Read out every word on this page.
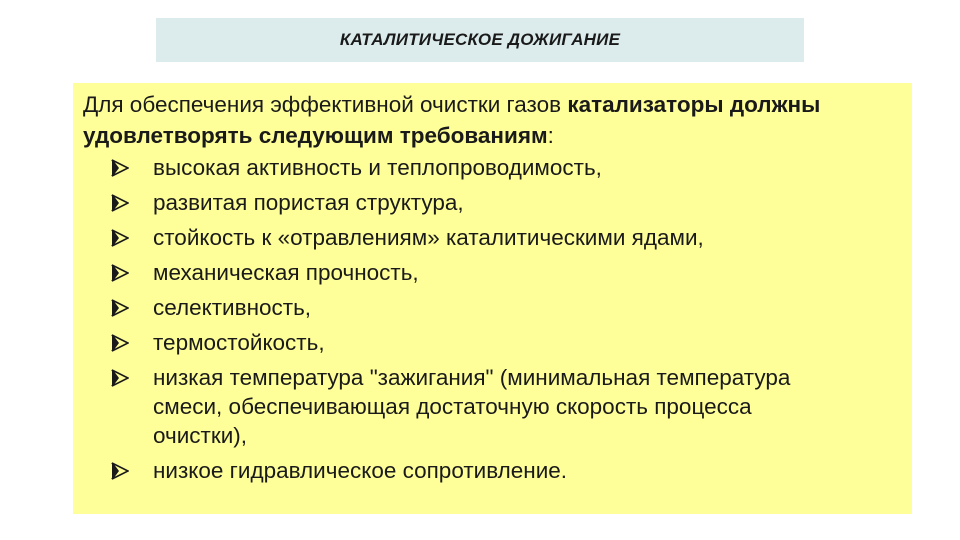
КАТАЛИТИЧЕСКОЕ ДОЖИГАНИЕ

Для обеспечения эффективной очистки газов катализаторы должны удовлетворять следующим требованиям:

высокая активность и теплопроводимость,
развитая пористая структура,
стойкость к «отравлениям» каталитическими ядами,
механическая прочность,
селективность,
термостойкость,
низкая температура "зажигания" (минимальная температура смеси, обеспечивающая достаточную скорость процесса очистки),
низкое гидравлическое сопротивление.
